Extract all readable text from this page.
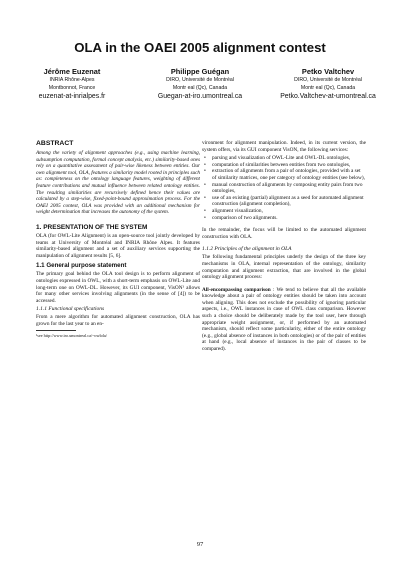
OLA in the OAEI 2005 alignment contest
Jérôme Euzenat
INRIA Rhône-Alpes
Montbonnot, France
euzenat-at-inrialpes.fr
Philippe Guégan
DIRO, Université de Montréal
Montr eal (Qc), Canada
Guegan-at-iro.umontreal.ca
Petko Valtchev
DIRO, Université de Montréal
Montr eal (Qc), Canada
Petko.Valtchev-at-umontreal.ca
ABSTRACT
Among the variety of alignment approaches (e.g., using machine learning, subsumption computation, formal concept analysis, etc.) similarity-based ones rely on a quantitative assessment of pair-wise likeness between entities. Our own alignment tool, OLA, features a similarity model rooted in principles such as: completeness on the ontology language features, weighting of different feature contributions and mutual influence between related ontology entities. The resulting similarities are recursively defined hence their values are calculated by a step-wise, fixed-point-bound approximation process. For the OAEI 2005 contest, OLA was provided with an additional mechanism for weight determination that increases the autonomy of the system.
1. PRESENTATION OF THE SYSTEM
OLA (for OWL-Lite Alignment) is an open-source tool jointly developed by teams at University of Montréal and INRIA Rhône Alpes. It features similarity-based alignment and a set of auxiliary services supporting the manipulation of alignment results [5, 6].
1.1 General purpose statement
The primary goal behind the OLA tool design is to perform alignment of ontologies expressed in OWL, with a short-term emphasis on OWL-Lite and long-term one on OWL-DL. However, its GUI component, VisON¹ allows for many other services involving alignments (in the sense of [4]) to be accessed.
1.1.1 Functional specifications
From a mere algorithm for automated alignment construction, OLA has grown for the last year to an en-
¹see http://www.iro.umontreal.ca/~owlola/
vironment for alignment manipulation. Indeed, in its current version, the system offers, via its GUI component VisON, the following services:
• parsing and visualization of OWL-Lite and OWL-DL ontologies,
• computation of similarities between entities from two ontologies,
• extraction of alignments from a pair of ontologies, provided with a set of similarity matrices, one per category of ontology entities (see below),
• manual construction of alignments by composing entity pairs from two ontologies,
• use of an existing (partial) alignment as a seed for automated alignment construction (alignment completion),
• alignment visualization,
• comparison of two alignments.
In the remainder, the focus will be limited to the automated alignment construction with OLA.
1.1.2 Principles of the alignment in OLA
The following fundamental principles underly the design of the three key mechanisms in OLA, internal representation of the ontology, similarity computation and alignment extraction, that are involved in the global ontology alignment process:
All-encompassing comparison : We tend to believe that all the available knowledge about a pair of ontology entities should be taken into account when aligning. This does not exclude the possibility of ignoring particular aspects, i.e., OWL instances in case of OWL class comparison. However such a choice should be deliberately made by the tool user, here through appropriate weight assignment, or, if performed by an automated mechanism, should reflect some particularity, either of the entire ontology (e.g., global absence of instances in both ontologies) or of the pair of entities at hand (e.g., local absence of instances in the pair of classes to be compared).
97
